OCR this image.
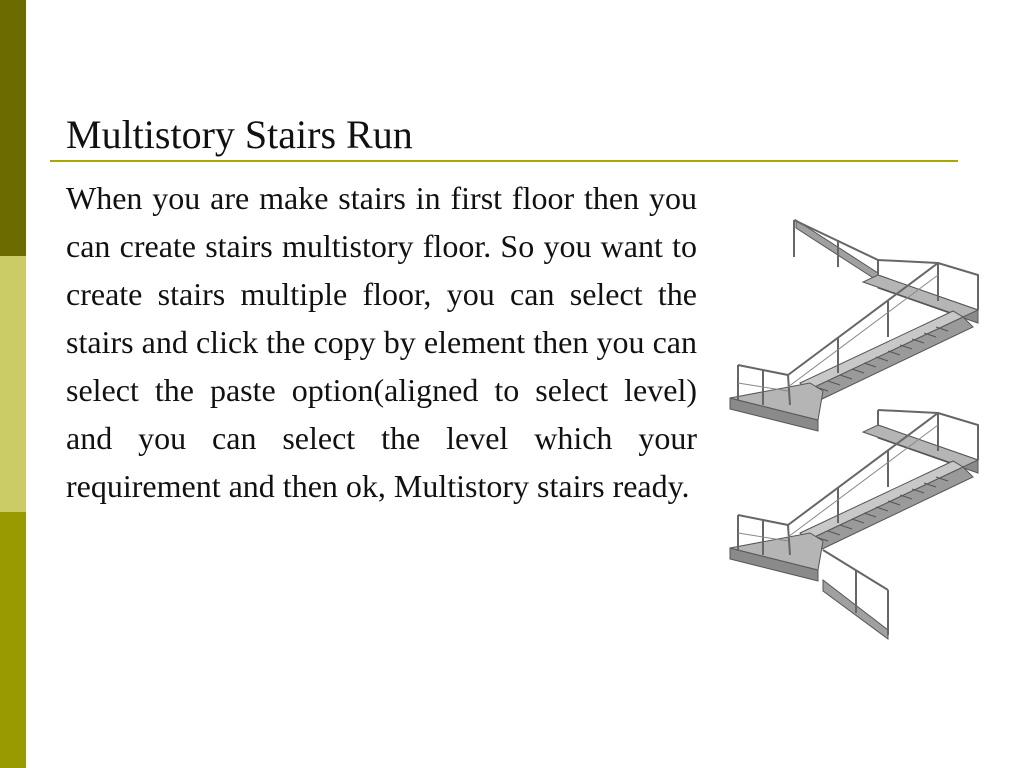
Multistory Stairs Run
When you are make stairs in first floor then you can create stairs multistory floor. So you want to create stairs multiple floor, you can select the stairs and click the copy by element then you can select the paste option(aligned to select level) and you can select the level which your requirement and then ok, Multistory stairs ready.
